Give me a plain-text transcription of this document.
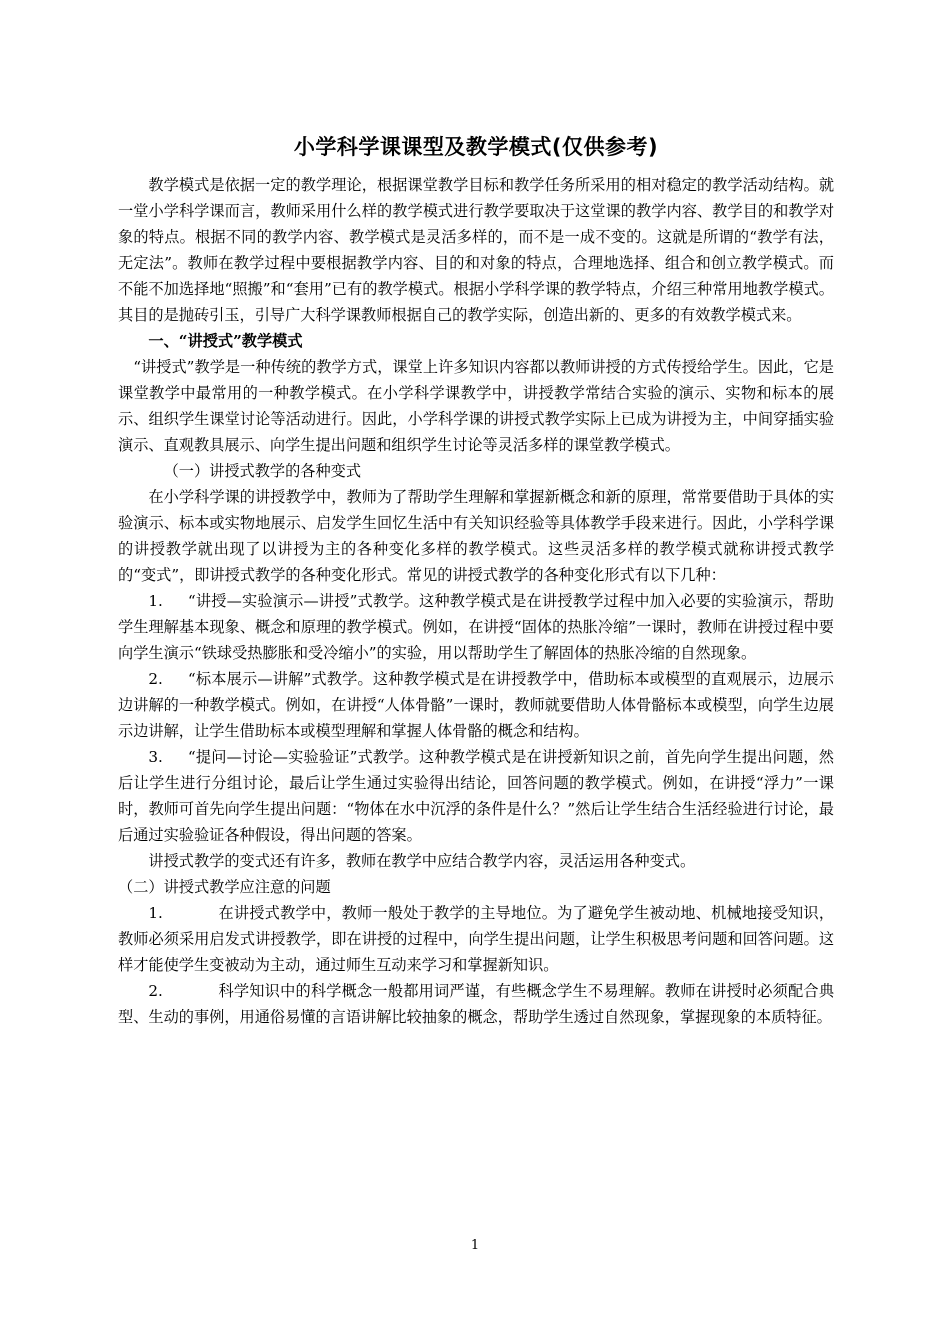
小学科学课课型及教学模式(仅供参考)

教学模式是依据一定的教学理论，根据课堂教学目标和教学任务所采用的相对稳定的教学活动结构。就一堂小学科学课而言，教师采用什么样的教学模式进行教学要取决于这堂课的教学内容、教学目的和教学对象的特点。根据不同的教学内容、教学模式是灵活多样的，而不是一成不变的。这就是所谓的“教学有法，无定法”。教师在教学过程中要根据教学内容、目的和对象的特点，合理地选择、组合和创立教学模式。而不能不加选择地“照搬”和“套用”已有的教学模式。根据小学科学课的教学特点，介绍三种常用地教学模式。其目的是抛砖引玉，引导广大科学课教师根据自己的教学实际，创造出新的、更多的有效教学模式来。

一、“讲授式”教学模式

“讲授式”教学是一种传统的教学方式，课堂上许多知识内容都以教师讲授的方式传授给学生。因此，它是课堂教学中最常用的一种教学模式。在小学科学课教学中，讲授教学常结合实验的演示、实物和标本的展示、组织学生课堂讨论等活动进行。因此，小学科学课的讲授式教学实际上已成为讲授为主，中间穿插实验演示、直观教具展示、向学生提出问题和组织学生讨论等灵活多样的课堂教学模式。

（一）讲授式教学的各种变式

在小学科学课的讲授教学中，教师为了帮助学生理解和掌握新概念和新的原理，常常要借助于具体的实验演示、标本或实物地展示、启发学生回忆生活中有关知识经验等具体教学手段来进行。因此，小学科学课的讲授教学就出现了以讲授为主的各种变化多样的教学模式。这些灵活多样的教学模式就称讲授式教学的“变式”，即讲授式教学的各种变化形式。常见的讲授式教学的各种变化形式有以下几种：

1. “讲授—实验演示—讲授”式教学。这种教学模式是在讲授教学过程中加入必要的实验演示，帮助学生理解基本现象、概念和原理的教学模式。例如，在讲授“固体的热胀冷缩”一课时，教师在讲授过程中要向学生演示“铁球受热膨胀和受冷缩小”的实验，用以帮助学生了解固体的热胀冷缩的自然现象。

2. “标本展示—讲解”式教学。这种教学模式是在讲授教学中，借助标本或模型的直观展示，边展示边讲解的一种教学模式。例如，在讲授“人体骨骼”一课时，教师就要借助人体骨骼标本或模型，向学生边展示边讲解，让学生借助标本或模型理解和掌握人体骨骼的概念和结构。

3. “提问—讨论—实验验证”式教学。这种教学模式是在讲授新知识之前，首先向学生提出问题，然后让学生进行分组讨论，最后让学生通过实验得出结论，回答问题的教学模式。例如，在讲授“浮力”一课时，教师可首先向学生提出问题：“物体在水中沉浮的条件是什么？”然后让学生结合生活经验进行讨论，最后通过实验验证各种假设，得出问题的答案。

讲授式教学的变式还有许多，教师在教学中应结合教学内容，灵活运用各种变式。

（二）讲授式教学应注意的问题

1.	在讲授式教学中，教师一般处于教学的主导地位。为了避免学生被动地、机械地接受知识，教师必须采用启发式讲授教学，即在讲授的过程中，向学生提出问题，让学生积极思考问题和回答问题。这样才能使学生变被动为主动，通过师生互动来学习和掌握新知识。

2.	科学知识中的科学概念一般都用词严谨，有些概念学生不易理解。教师在讲授时必须配合典型、生动的事例，用通俗易懂的言语讲解比较抽象的概念，帮助学生透过自然现象，掌握现象的本质特征。

1
